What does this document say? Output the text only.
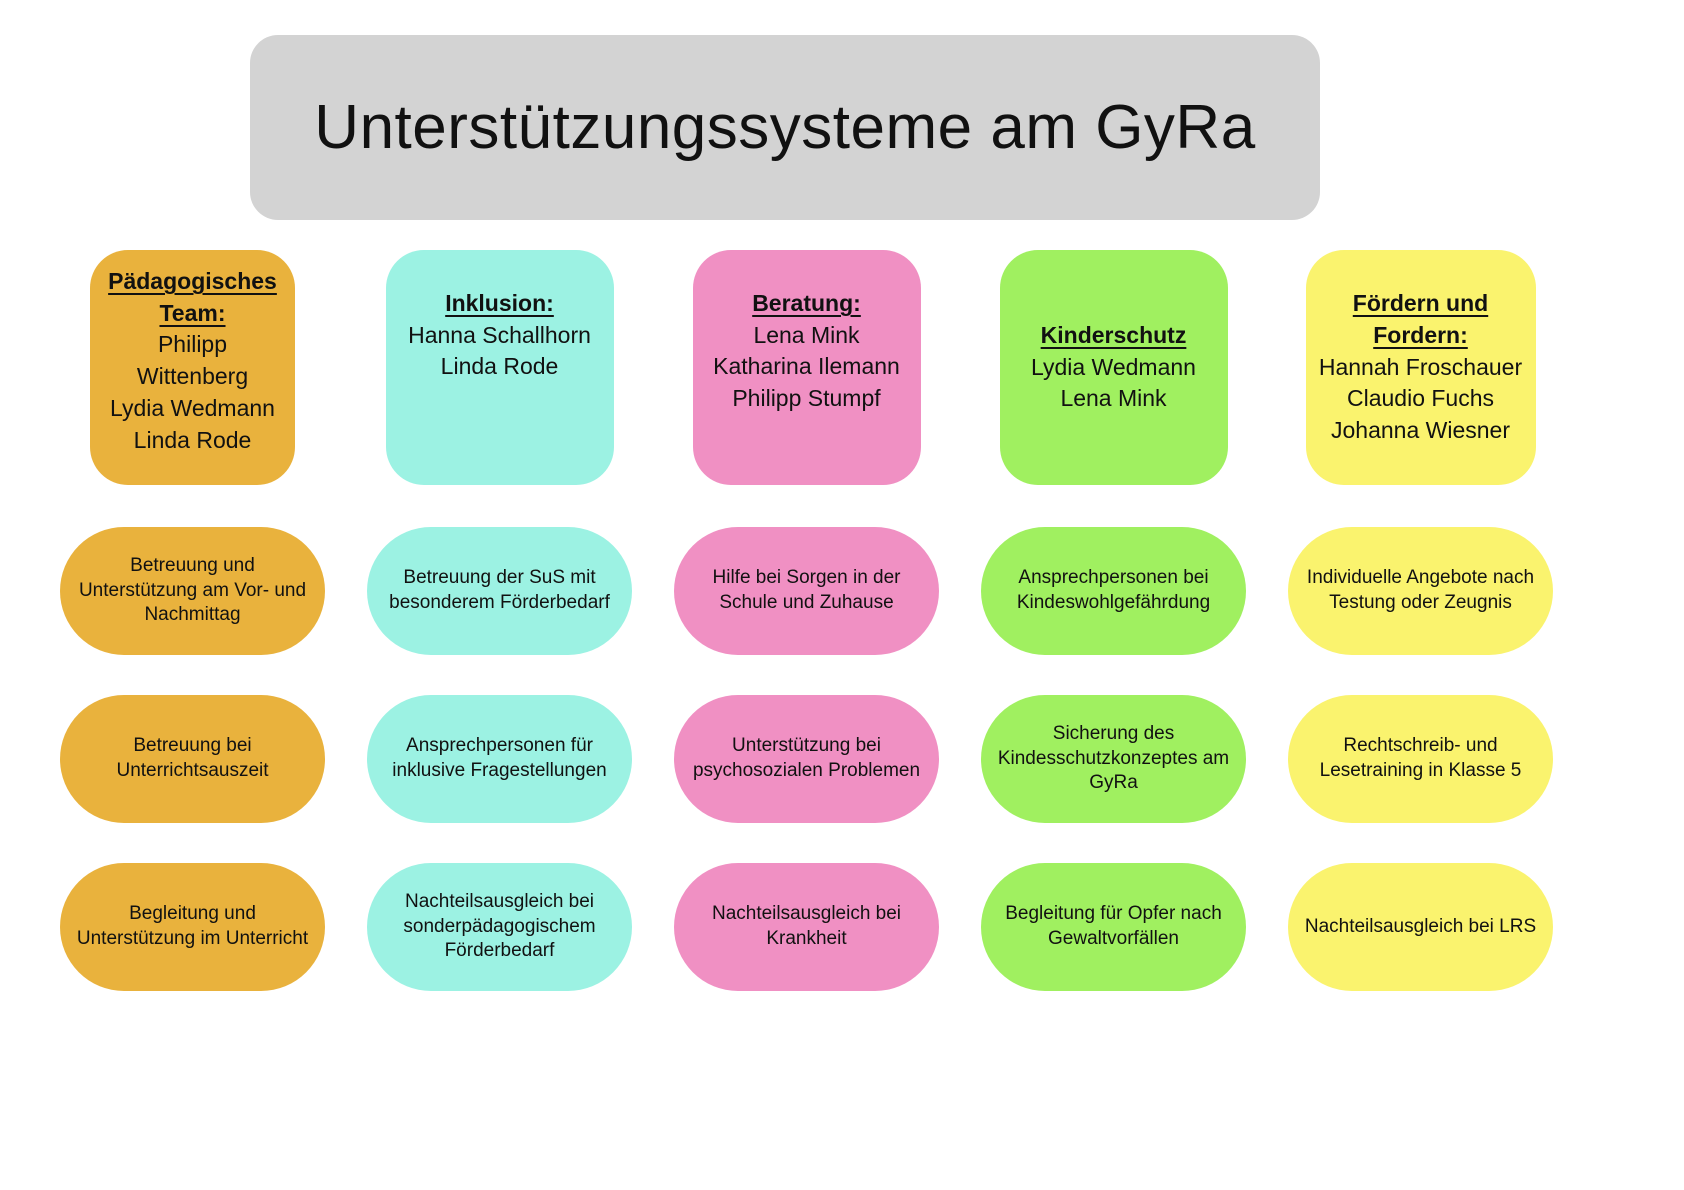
Unterstützungssysteme am GyRa
Pädagogisches Team:
Philipp Wittenberg
Lydia Wedmann
Linda Rode
Betreuung und Unterstützung am Vor- und Nachmittag
Betreuung bei Unterrichtsauszeit
Begleitung und Unterstützung im Unterricht
Inklusion:
Hanna Schallhorn
Linda Rode
Betreuung der SuS mit besonderem Förderbedarf
Ansprechpersonen für inklusive Fragestellungen
Nachteilsausgleich bei sonderpädagogischem Förderbedarf
Beratung:
Lena Mink
Katharina Ilemann
Philipp Stumpf
Hilfe bei Sorgen in der Schule und Zuhause
Unterstützung bei psychosozialen Problemen
Nachteilsausgleich bei Krankheit
Kinderschutz
Lydia Wedmann
Lena Mink
Ansprechpersonen bei Kindeswohlgefährdung
Sicherung des Kindesschutzkonzeptes am GyRa
Begleitung für Opfer nach Gewaltvorfällen
Fördern und Fordern:
Hannah Froschauer
Claudio Fuchs
Johanna Wiesner
Individuelle Angebote nach Testung oder Zeugnis
Rechtschreib- und Lesetraining in Klasse 5
Nachteilsausgleich bei LRS
